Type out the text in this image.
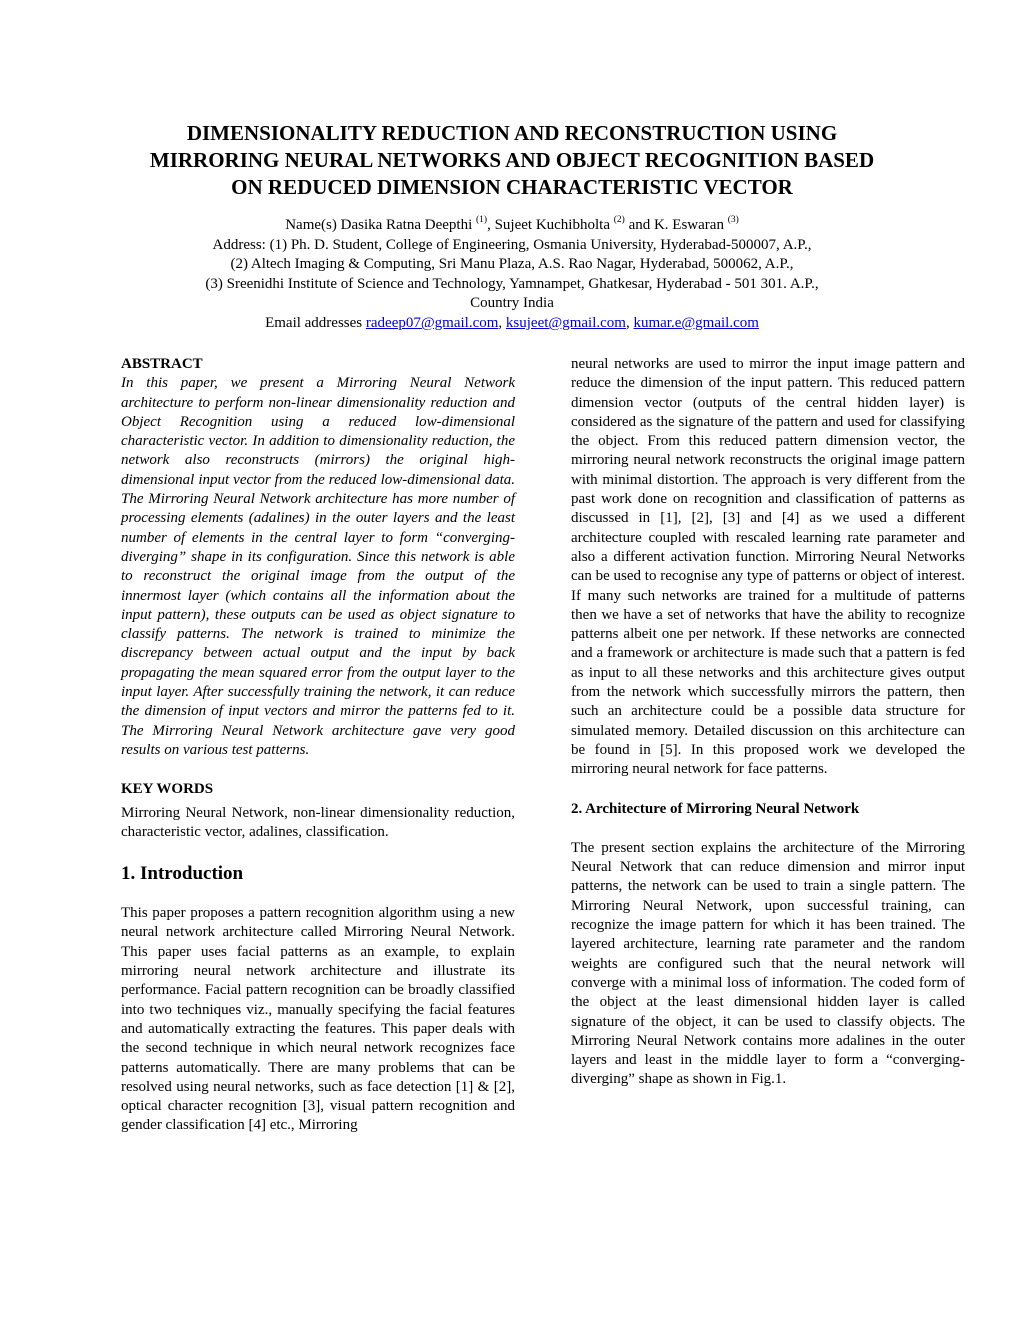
DIMENSIONALITY REDUCTION AND RECONSTRUCTION USING
MIRRORING NEURAL NETWORKS AND OBJECT RECOGNITION BASED
ON REDUCED DIMENSION CHARACTERISTIC VECTOR
Name(s) Dasika Ratna Deepthi $^{(1)}$, Sujeet Kuchibholta $^{(2)}$ and K. Eswaran $^{(3)}$
Address: (1) Ph. D. Student, College of Engineering, Osmania University, Hyderabad-500007, A.P.,
(2) Altech Imaging & Computing, Sri Manu Plaza, A.S. Rao Nagar, Hyderabad, 500062, A.P.,
(3) Sreenidhi Institute of Science and Technology, Yamnampet, Ghatkesar, Hyderabad - 501 301. A.P.,
Country India
Email addresses radeep07@gmail.com, ksujeet@gmail.com, kumar.e@gmail.com
ABSTRACT

In this paper, we present a Mirroring Neural Network architecture to perform non-linear dimensionality reduction and Object Recognition using a reduced low-dimensional characteristic vector. In addition to dimensionality reduction, the network also reconstructs (mirrors) the original high-dimensional input vector from the reduced low-dimensional data. The Mirroring Neural Network architecture has more number of processing elements (adalines) in the outer layers and the least number of elements in the central layer to form “converging-diverging” shape in its configuration. Since this network is able to reconstruct the original image from the output of the innermost layer (which contains all the information about the input pattern), these outputs can be used as object signature to classify patterns. The network is trained to minimize the discrepancy between actual output and the input by back propagating the mean squared error from the output layer to the input layer. After successfully training the network, it can reduce the dimension of input vectors and mirror the patterns fed to it. The Mirroring Neural Network architecture gave very good results on various test patterns.

KEY WORDS

Mirroring Neural Network, non-linear dimensionality reduction, characteristic vector, adalines, classification.

1. Introduction

This paper proposes a pattern recognition algorithm using a new neural network architecture called Mirroring Neural Network. This paper uses facial patterns as an example, to explain mirroring neural network architecture and illustrate its performance. Facial pattern recognition can be broadly classified into two techniques viz., manually specifying the facial features and automatically extracting the features. This paper deals with the second technique in which neural network recognizes face patterns automatically. There are many problems that can be resolved using neural networks, such as face detection [1] & [2], optical character recognition [3], visual pattern recognition and gender classification [4] etc., Mirroring

neural networks are used to mirror the input image pattern and reduce the dimension of the input pattern. This reduced pattern dimension vector (outputs of the central hidden layer) is considered as the signature of the pattern and used for classifying the object. From this reduced pattern dimension vector, the mirroring neural network reconstructs the original image pattern with minimal distortion. The approach is very different from the past work done on recognition and classification of patterns as discussed in [1], [2], [3] and [4] as we used a different architecture coupled with rescaled learning rate parameter and also a different activation function. Mirroring Neural Networks can be used to recognise any type of patterns or object of interest. If many such networks are trained for a multitude of patterns then we have a set of networks that have the ability to recognize patterns albeit one per network. If these networks are connected and a framework or architecture is made such that a pattern is fed as input to all these networks and this architecture gives output from the network which successfully mirrors the pattern, then such an architecture could be a possible data structure for simulated memory. Detailed discussion on this architecture can be found in [5]. In this proposed work we developed the mirroring neural network for face patterns.

2. Architecture of Mirroring Neural Network

The present section explains the architecture of the Mirroring Neural Network that can reduce dimension and mirror input patterns, the network can be used to train a single pattern. The Mirroring Neural Network, upon successful training, can recognize the image pattern for which it has been trained. The layered architecture, learning rate parameter and the random weights are configured such that the neural network will converge with a minimal loss of information. The coded form of the object at the least dimensional hidden layer is called signature of the object, it can be used to classify objects. The Mirroring Neural Network contains more adalines in the outer layers and least in the middle layer to form a “converging-diverging” shape as shown in Fig.1.
